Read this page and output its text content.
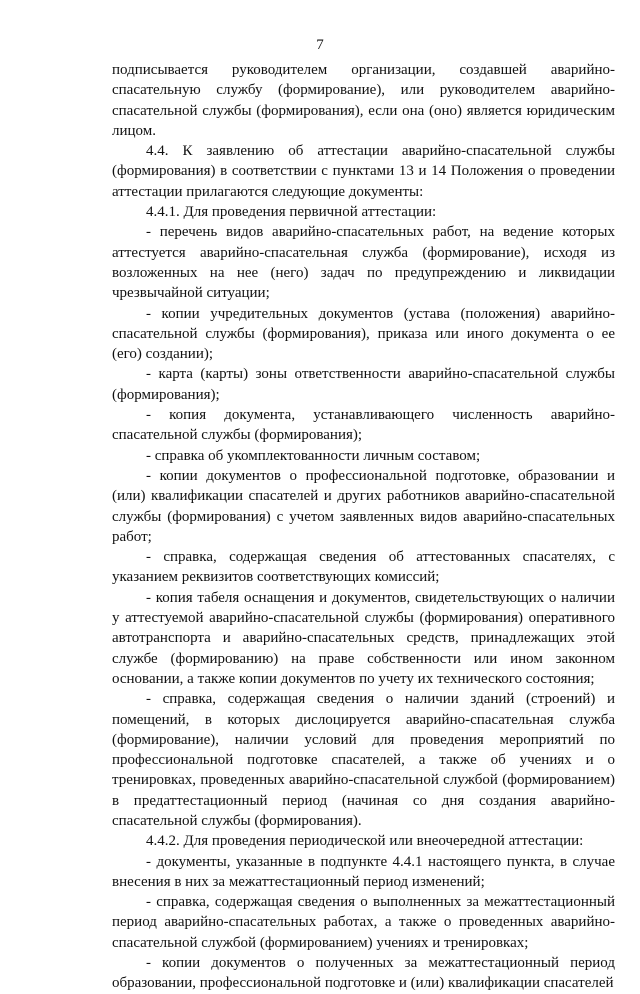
7

подписывается руководителем организации, создавшей аварийно-спасательную службу (формирование), или руководителем аварийно-спасательной службы (формирования), если она (оно) является юридическим лицом.

4.4. К заявлению об аттестации аварийно-спасательной службы (формирования) в соответствии с пунктами 13 и 14 Положения о проведении аттестации прилагаются следующие документы:

4.4.1. Для проведения первичной аттестации:

- перечень видов аварийно-спасательных работ, на ведение которых аттестуется аварийно-спасательная служба (формирование), исходя из возложенных на нее (него) задач по предупреждению и ликвидации чрезвычайной ситуации;

- копии учредительных документов (устава (положения) аварийно-спасательной службы (формирования), приказа или иного документа о ее (его) создании);

- карта (карты) зоны ответственности аварийно-спасательной службы (формирования);

- копия документа, устанавливающего численность аварийно-спасательной службы (формирования);

- справка об укомплектованности личным составом;

- копии документов о профессиональной подготовке, образовании и (или) квалификации спасателей и других работников аварийно-спасательной службы (формирования) с учетом заявленных видов аварийно-спасательных работ;

- справка, содержащая сведения об аттестованных спасателях, с указанием реквизитов соответствующих комиссий;

- копия табеля оснащения и документов, свидетельствующих о наличии у аттестуемой аварийно-спасательной службы (формирования) оперативного автотранспорта и аварийно-спасательных средств, принадлежащих этой службе (формированию) на праве собственности или ином законном основании, а также копии документов по учету их технического состояния;

- справка, содержащая сведения о наличии зданий (строений) и помещений, в которых дислоцируется аварийно-спасательная служба (формирование), наличии условий для проведения мероприятий по профессиональной подготовке спасателей, а также об учениях и о тренировках, проведенных аварийно-спасательной службой (формированием) в предаттестационный период (начиная со дня создания аварийно-спасательной службы (формирования).

4.4.2. Для проведения периодической или внеочередной аттестации:

- документы, указанные в подпункте 4.4.1 настоящего пункта, в случае внесения в них за межаттестационный период изменений;

- справка, содержащая сведения о выполненных за межаттестационный период аварийно-спасательных работах, а также о проведенных аварийно-спасательной службой (формированием) учениях и тренировках;

- копии документов о полученных за межаттестационный период образовании, профессиональной подготовке и (или) квалификации спасателей
